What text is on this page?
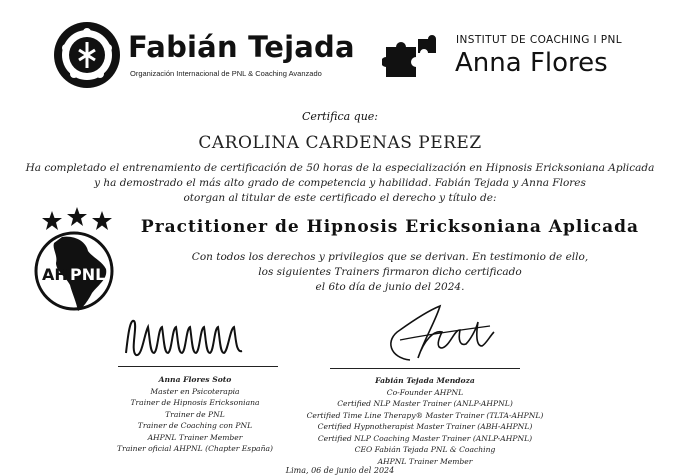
Fabián Tejada
Organización Internacional de PNL & Coaching Avanzado
INSTITUT DE COACHING I PNL
Anna Flores
Certifica que:
CAROLINA CARDENAS PEREZ
Ha completado el entrenamiento de certificación de 50 horas de la especialización en Hipnosis Ericksoniana Aplicada
y ha demostrado el más alto grado de competencia y habilidad. Fabián Tejada y Anna Flores
otorgan al titular de este certificado el derecho y título de:
Practitioner de Hipnosis Ericksoniana Aplicada
Con todos los derechos y privilegios que se derivan. En testimonio de ello,
los siguientes Trainers firmaron dicho certificado
el 6to día de junio del 2024.
AH PNL
Anna Flores Soto
Master en Psicoterapia
Trainer de Hipnosis Ericksoniana
Trainer de PNL
Trainer de Coaching con PNL
AHPNL Trainer Member
Trainer oficial AHPNL (Chapter España)
Fabián Tejada Mendoza
Co-Founder AHPNL
Certified NLP Master Trainer (ANLP-AHPNL)
Certified Time Line Therapy® Master Trainer (TLTA-AHPNL)
Certified Hypnotherapist Master Trainer (ABH-AHPNL)
Certified NLP Coaching Master Trainer (ANLP-AHPNL)
CEO Fabián Tejada PNL & Coaching
AHPNL Trainer Member
Lima, 06 de junio del 2024
